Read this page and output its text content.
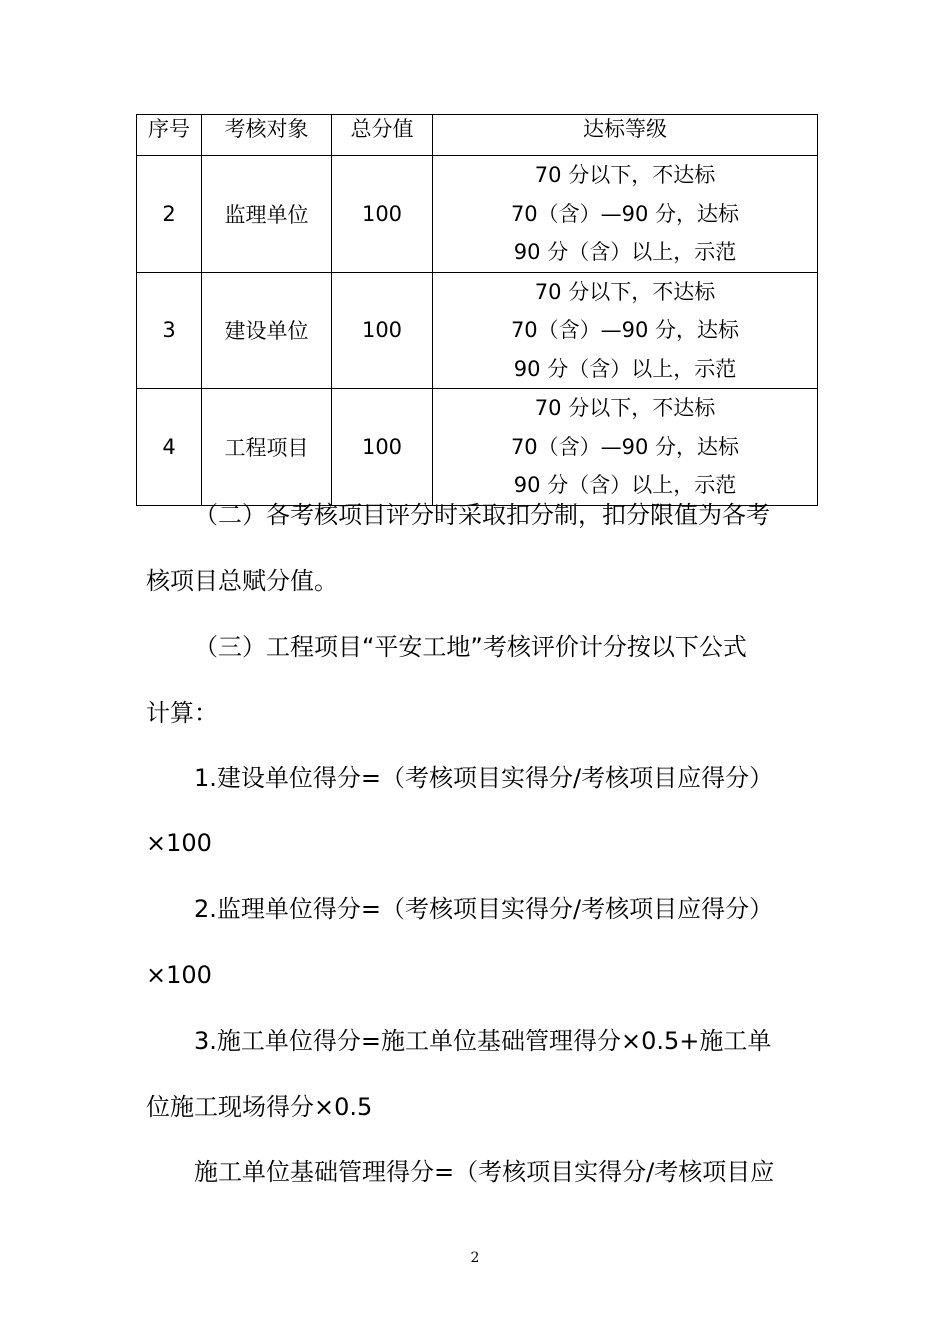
序号	考核对象	总分值	达标等级
2	监理单位	100	70 分以下，不达标
70（含）—90 分，达标
90 分（含）以上，示范

3	建设单位	100	70 分以下，不达标
70（含）—90 分，达标
90 分（含）以上，示范

4	工程项目	100	70 分以下，不达标
70（含）—90 分，达标
90 分（含）以上，示范

（二）各考核项目评分时采取扣分制，扣分限值为各考

核项目总赋分值。

（三）工程项目“平安工地”考核评价计分按以下公式

计算：

1.建设单位得分=（考核项目实得分/考核项目应得分）

×100

2.监理单位得分=（考核项目实得分/考核项目应得分）

×100

3.施工单位得分=施工单位基础管理得分×0.5+施工单

位施工现场得分×0.5

施工单位基础管理得分=（考核项目实得分/考核项目应

2
